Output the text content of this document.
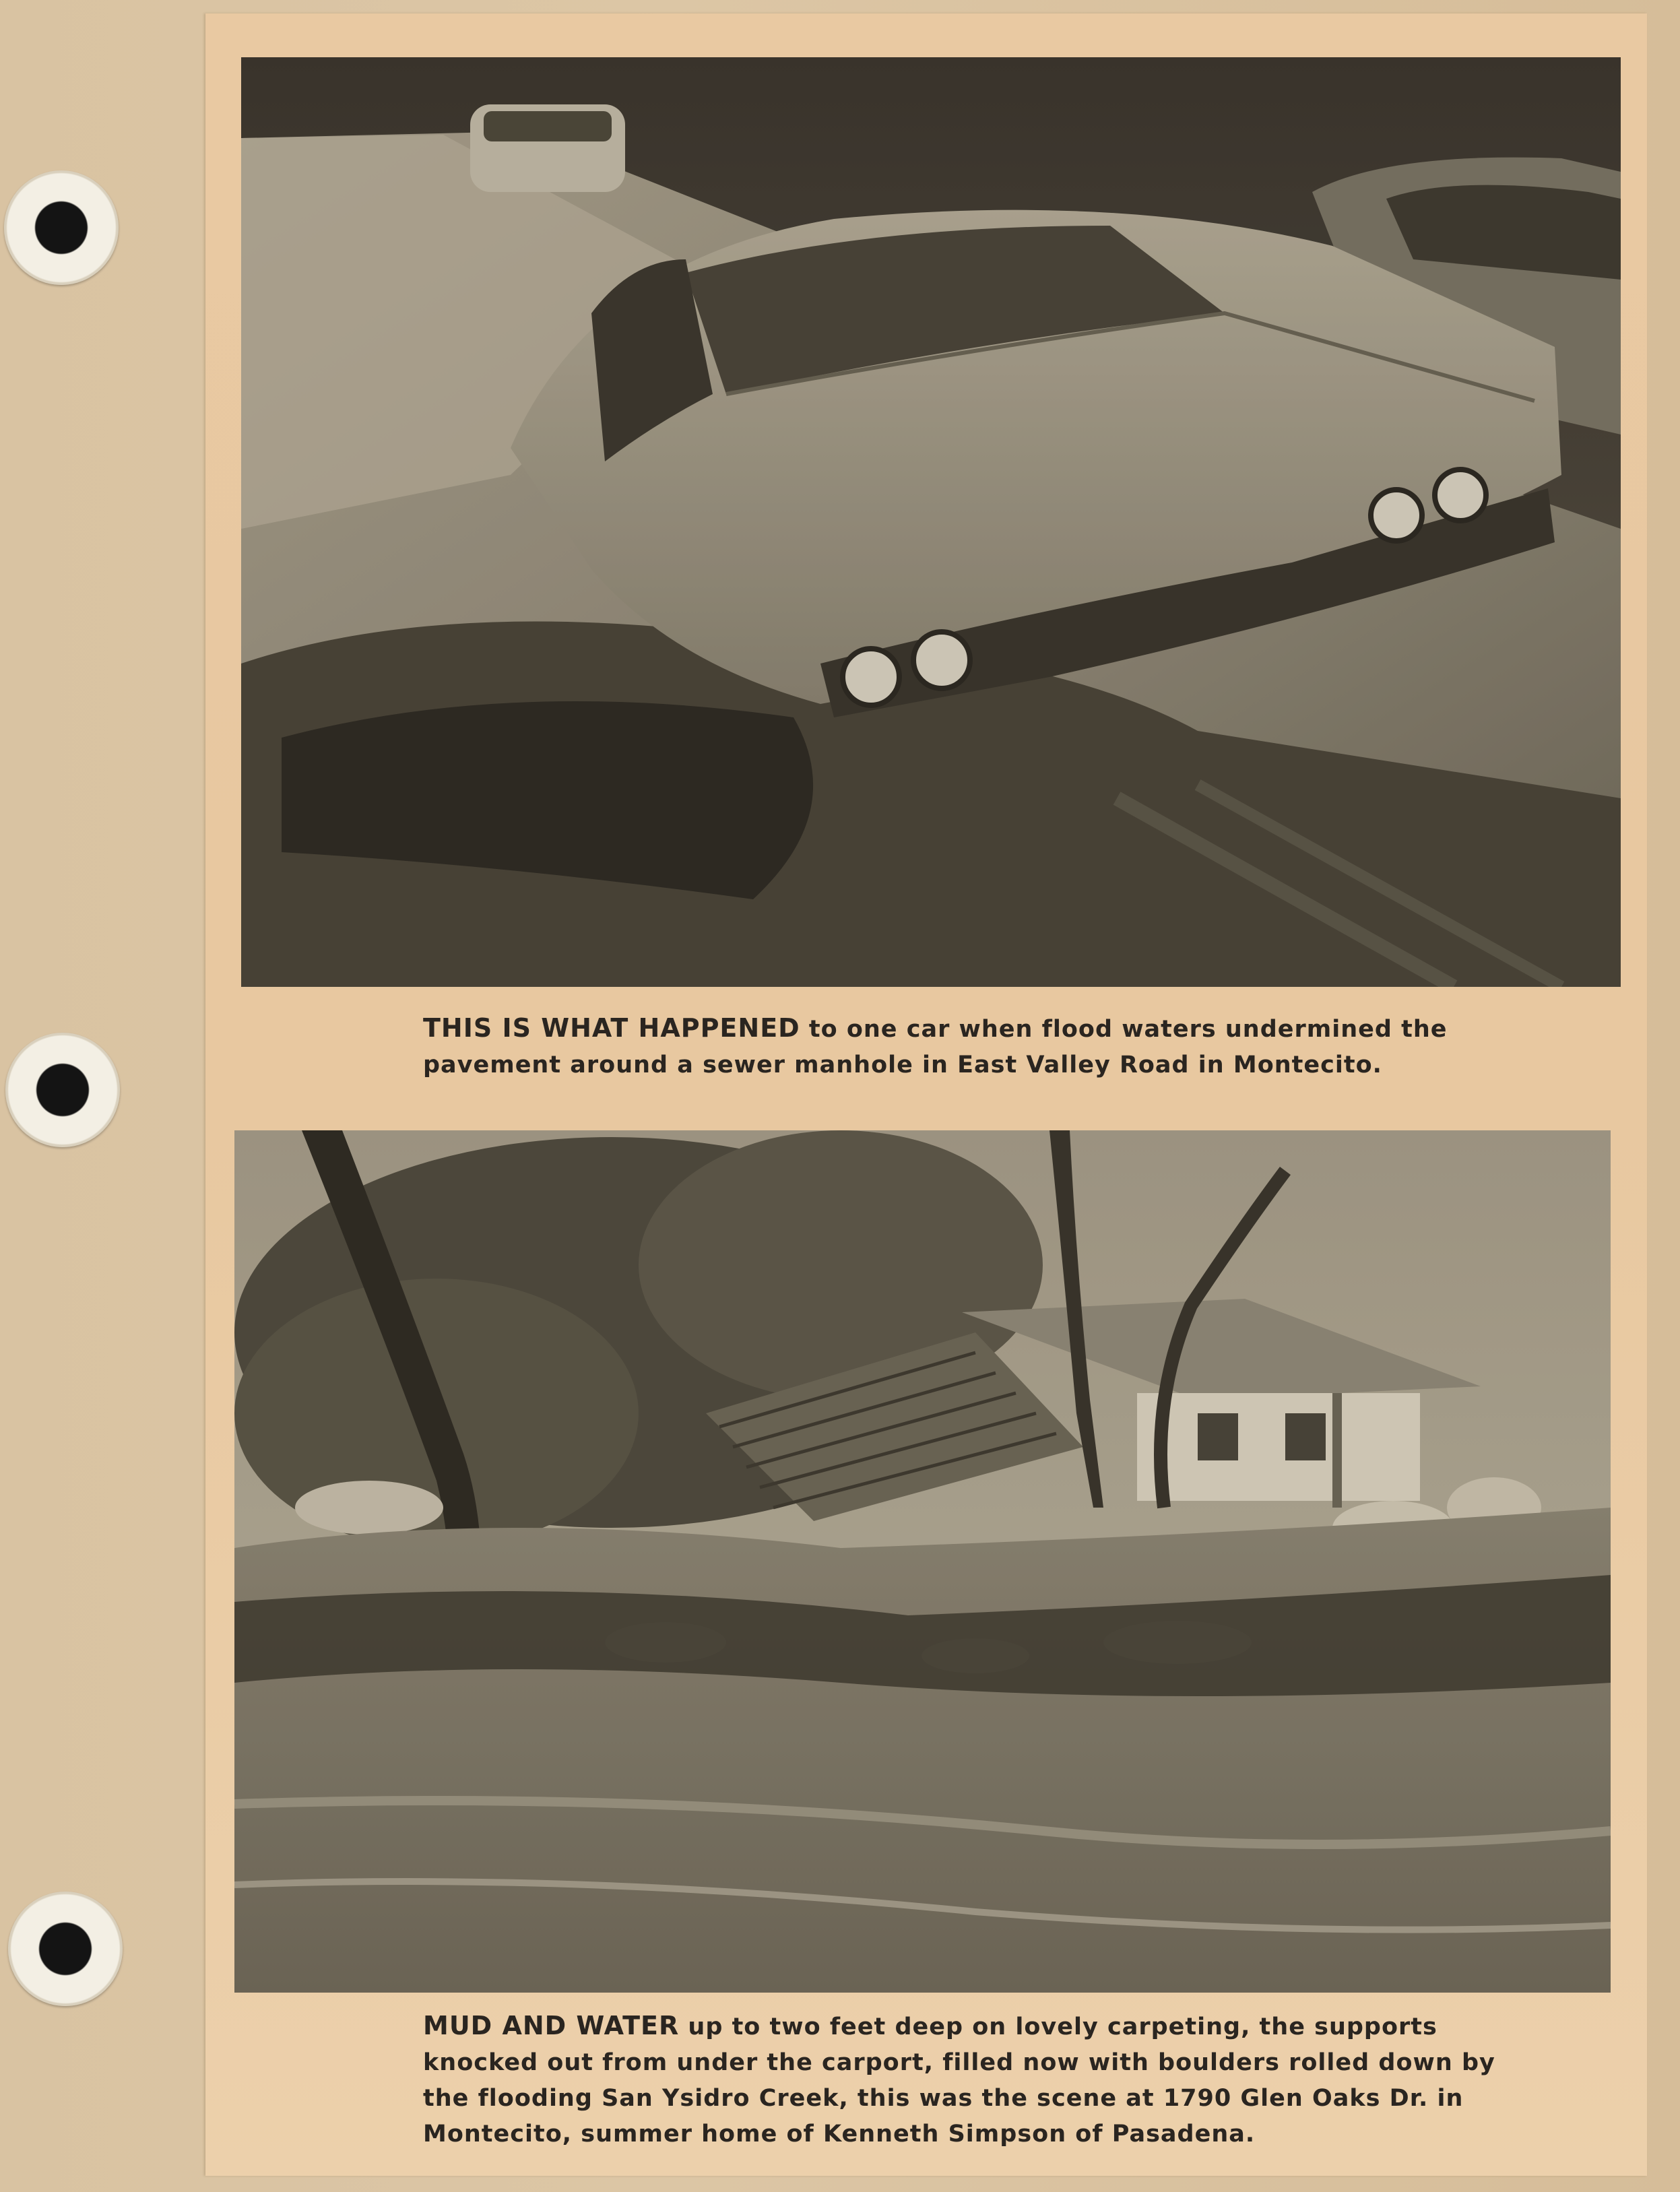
THIS IS WHAT HAPPENED to one car when flood waters undermined the
pavement around a sewer manhole in East Valley Road in Montecito.
MUD AND WATER up to two feet deep on lovely carpeting, the supports
knocked out from under the carport, filled now with boulders rolled down by
the flooding San Ysidro Creek, this was the scene at 1790 Glen Oaks Dr. in
Montecito, summer home of Kenneth Simpson of Pasadena.
